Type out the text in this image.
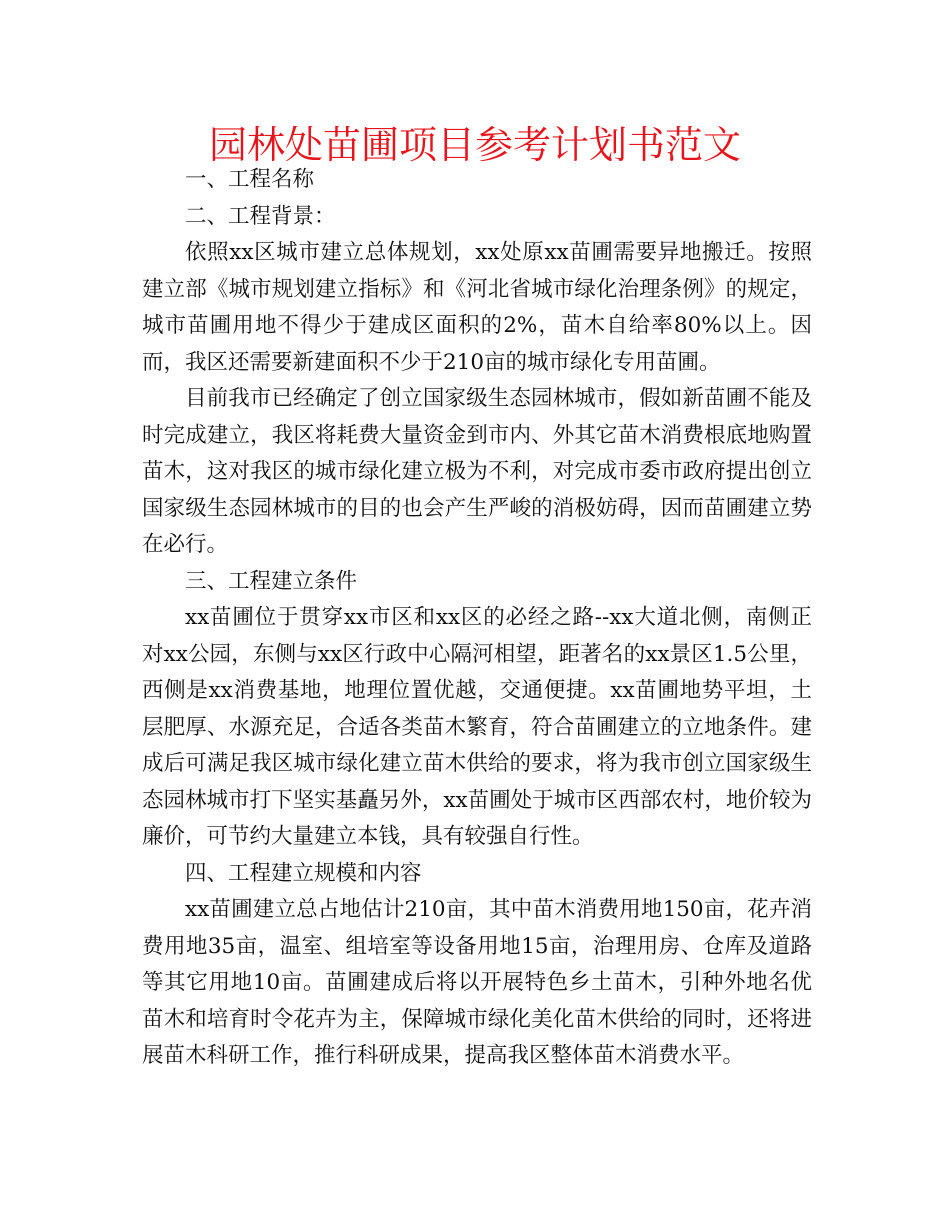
园林处苗圃项目参考计划书范文

一、工程名称

二、工程背景：

依照xx区城市建立总体规划，xx处原xx苗圃需要异地搬迁。按照建立部《城市规划建立指标》和《河北省城市绿化治理条例》的规定，城市苗圃用地不得少于建成区面积的2%，苗木自给率80%以上。因而，我区还需要新建面积不少于210亩的城市绿化专用苗圃。

目前我市已经确定了创立国家级生态园林城市，假如新苗圃不能及时完成建立，我区将耗费大量资金到市内、外其它苗木消费根底地购置苗木，这对我区的城市绿化建立极为不利，对完成市委市政府提出创立国家级生态园林城市的目的也会产生严峻的消极妨碍，因而苗圃建立势在必行。

三、工程建立条件

xx苗圃位于贯穿xx市区和xx区的必经之路--xx大道北侧，南侧正对xx公园，东侧与xx区行政中心隔河相望，距著名的xx景区1.5公里，西侧是xx消费基地，地理位置优越，交通便捷。xx苗圃地势平坦，土层肥厚、水源充足，合适各类苗木繁育，符合苗圃建立的立地条件。建成后可满足我区城市绿化建立苗木供给的要求，将为我市创立国家级生态园林城市打下坚实基矗另外，xx苗圃处于城市区西部农村，地价较为廉价，可节约大量建立本钱，具有较强自行性。

四、工程建立规模和内容

xx苗圃建立总占地估计210亩，其中苗木消费用地150亩，花卉消费用地35亩，温室、组培室等设备用地15亩，治理用房、仓库及道路等其它用地10亩。苗圃建成后将以开展特色乡土苗木，引种外地名优苗木和培育时令花卉为主，保障城市绿化美化苗木供给的同时，还将进展苗木科研工作，推行科研成果，提高我区整体苗木消费水平。
